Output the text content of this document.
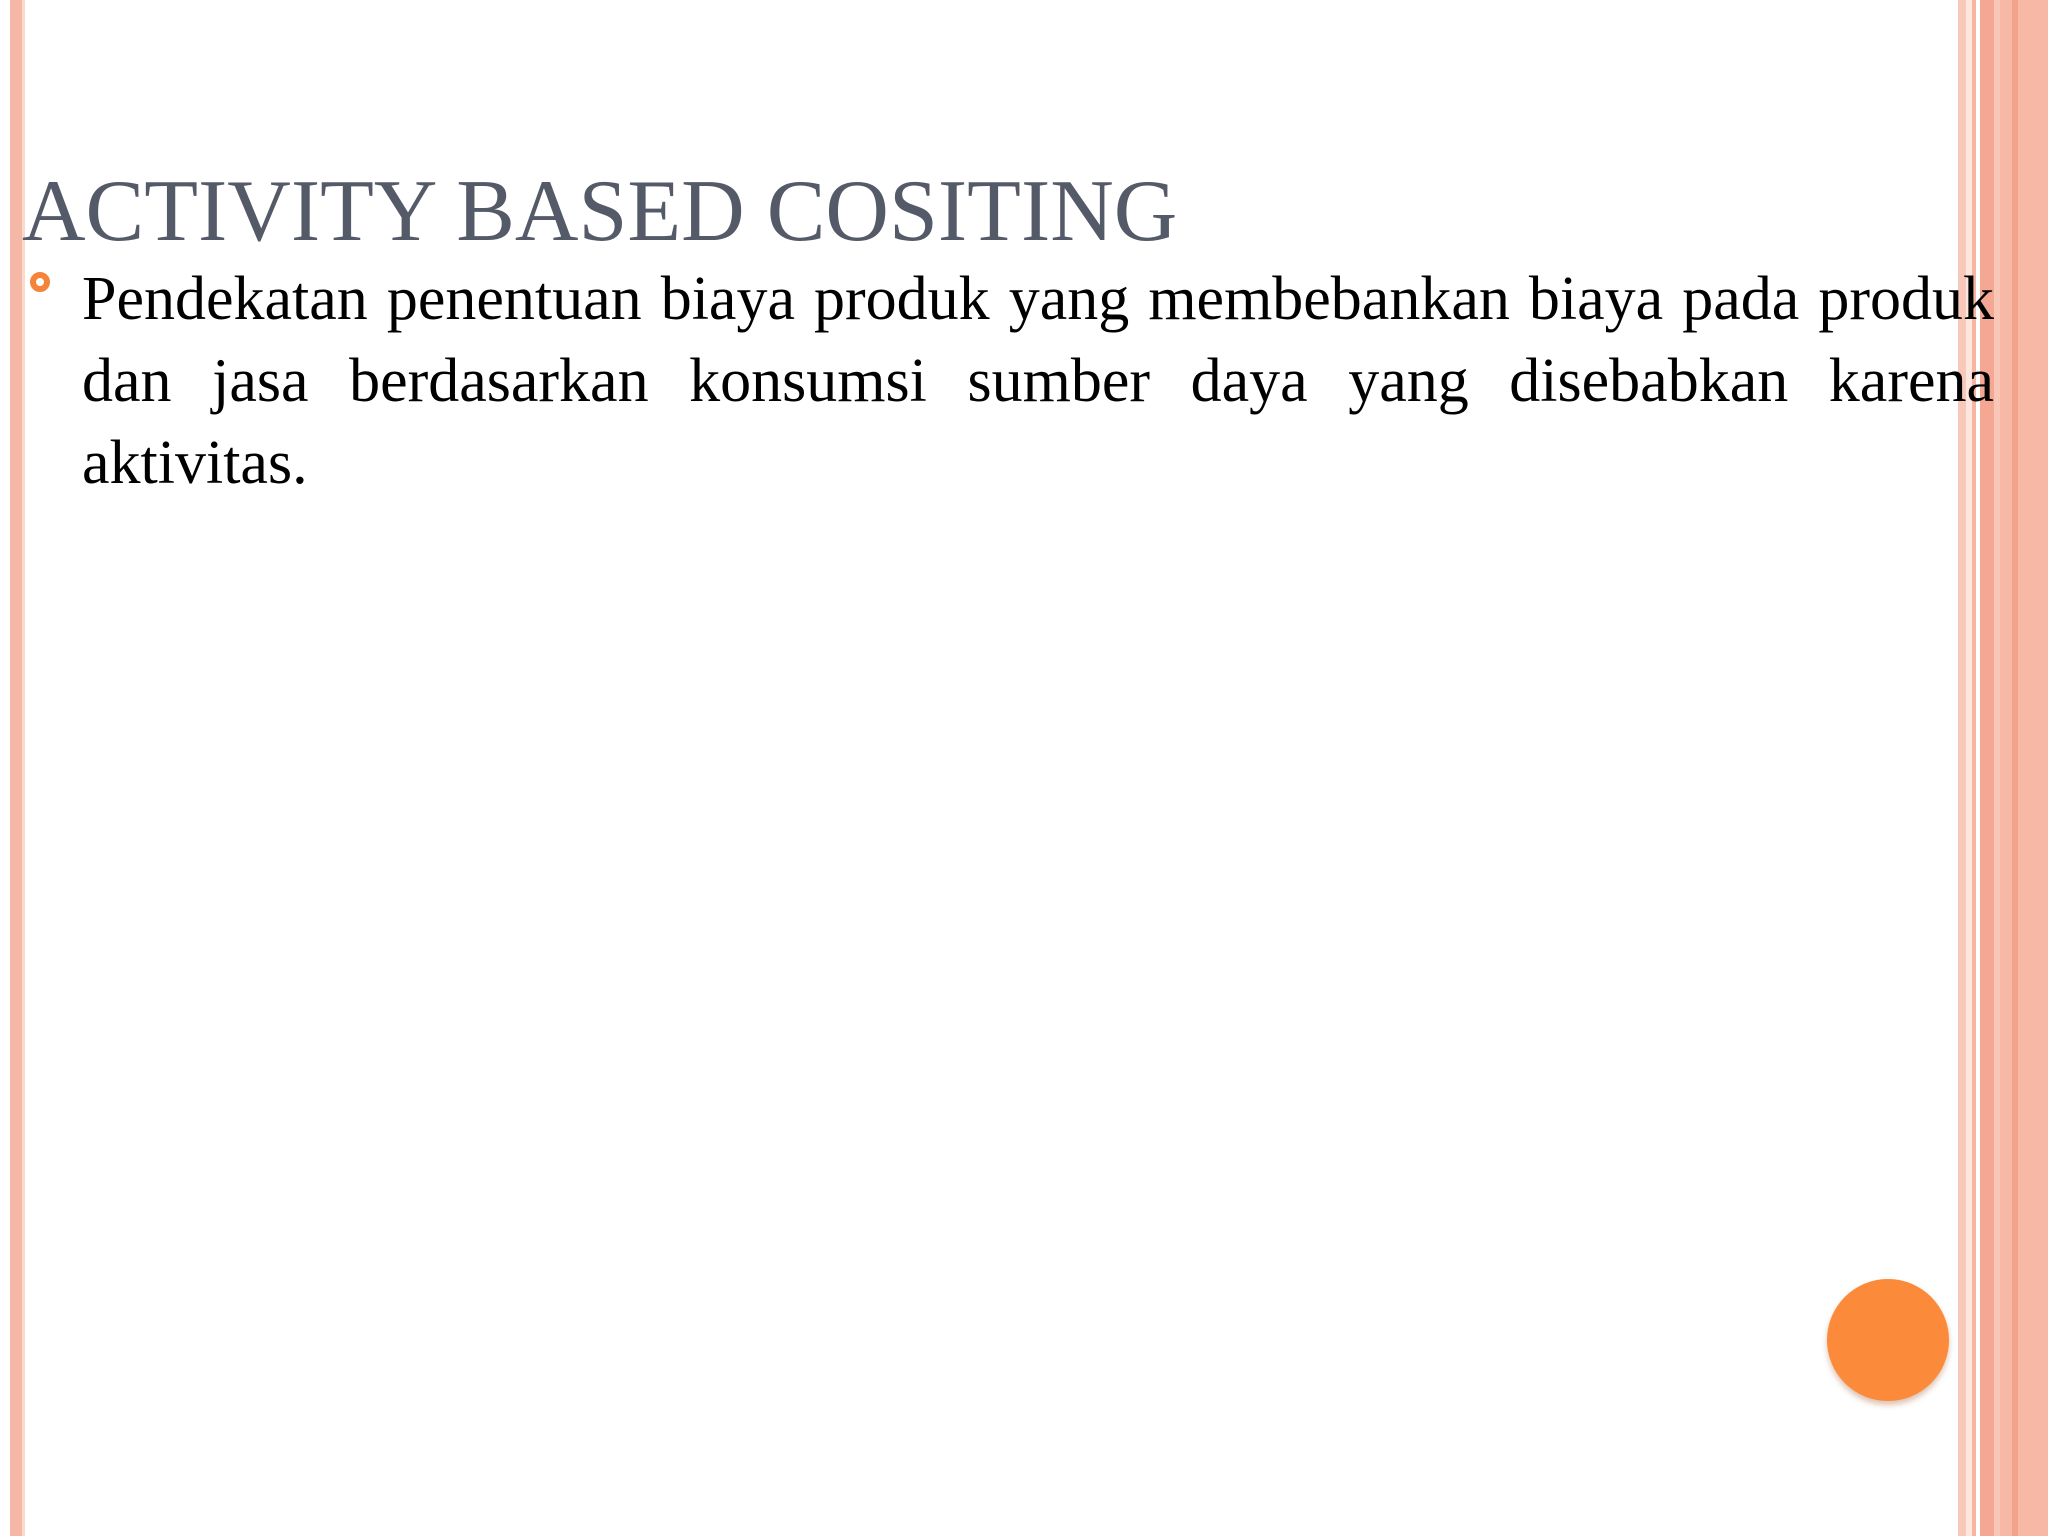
ACTIVITY BASED COSITING
Pendekatan penentuan biaya produk yang membebankan biaya pada produk dan jasa berdasarkan konsumsi sumber daya yang disebabkan karena aktivitas.
